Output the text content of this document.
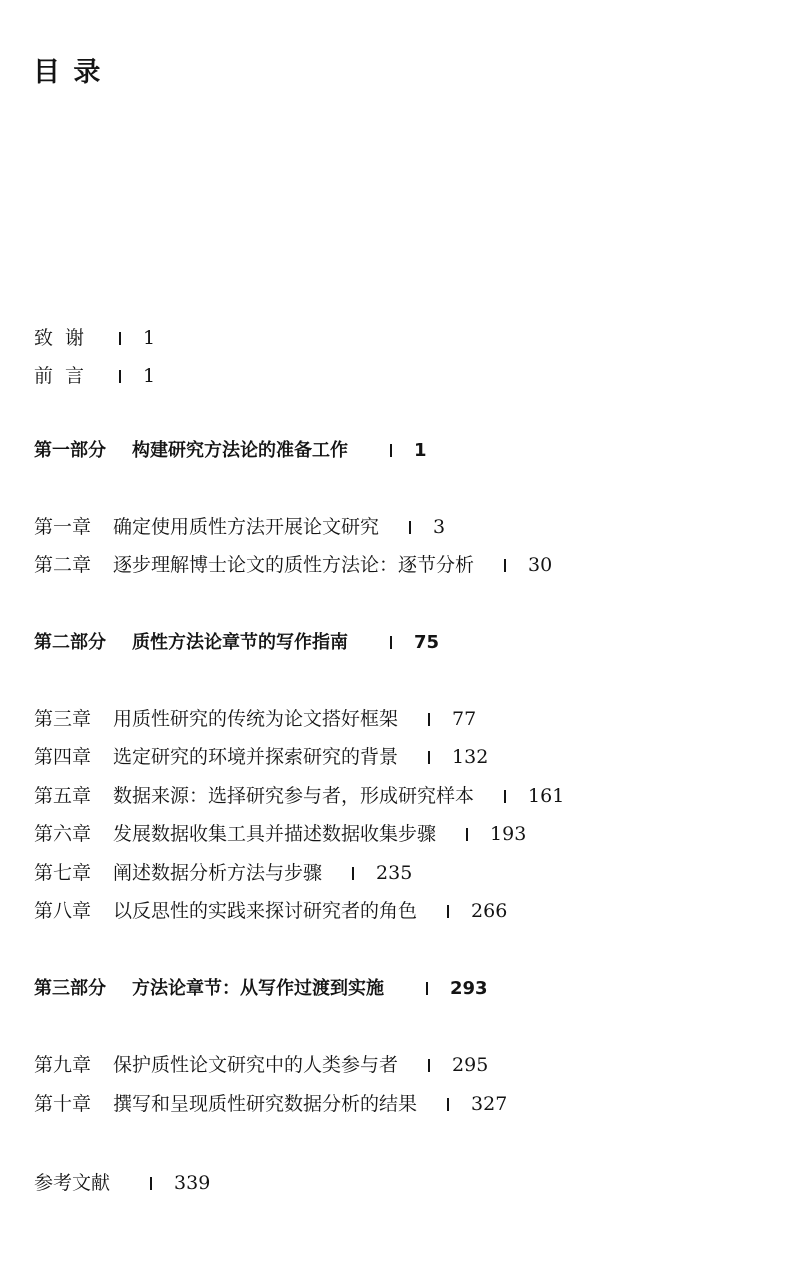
目 录
致谢 1
前言 1
第一部分 构建研究方法论的准备工作	1
第一章 确定使用质性方法开展论文研究	3
第二章 逐步理解博士论文的质性方法论：逐节分析	30
第二部分 质性方法论章节的写作指南	75
第三章 用质性研究的传统为论文搭好框架	77
第四章 选定研究的环境并探索研究的背景	132
第五章 数据来源：选择研究参与者，形成研究样本	161
第六章 发展数据收集工具并描述数据收集步骤	193
第七章 阐述数据分析方法与步骤	235
第八章 以反思性的实践来探讨研究者的角色	266
第三部分 方法论章节：从写作过渡到实施	293
第九章 保护质性论文研究中的人类参与者	295
第十章 撰写和呈现质性研究数据分析的结果	327
参考文献	339
